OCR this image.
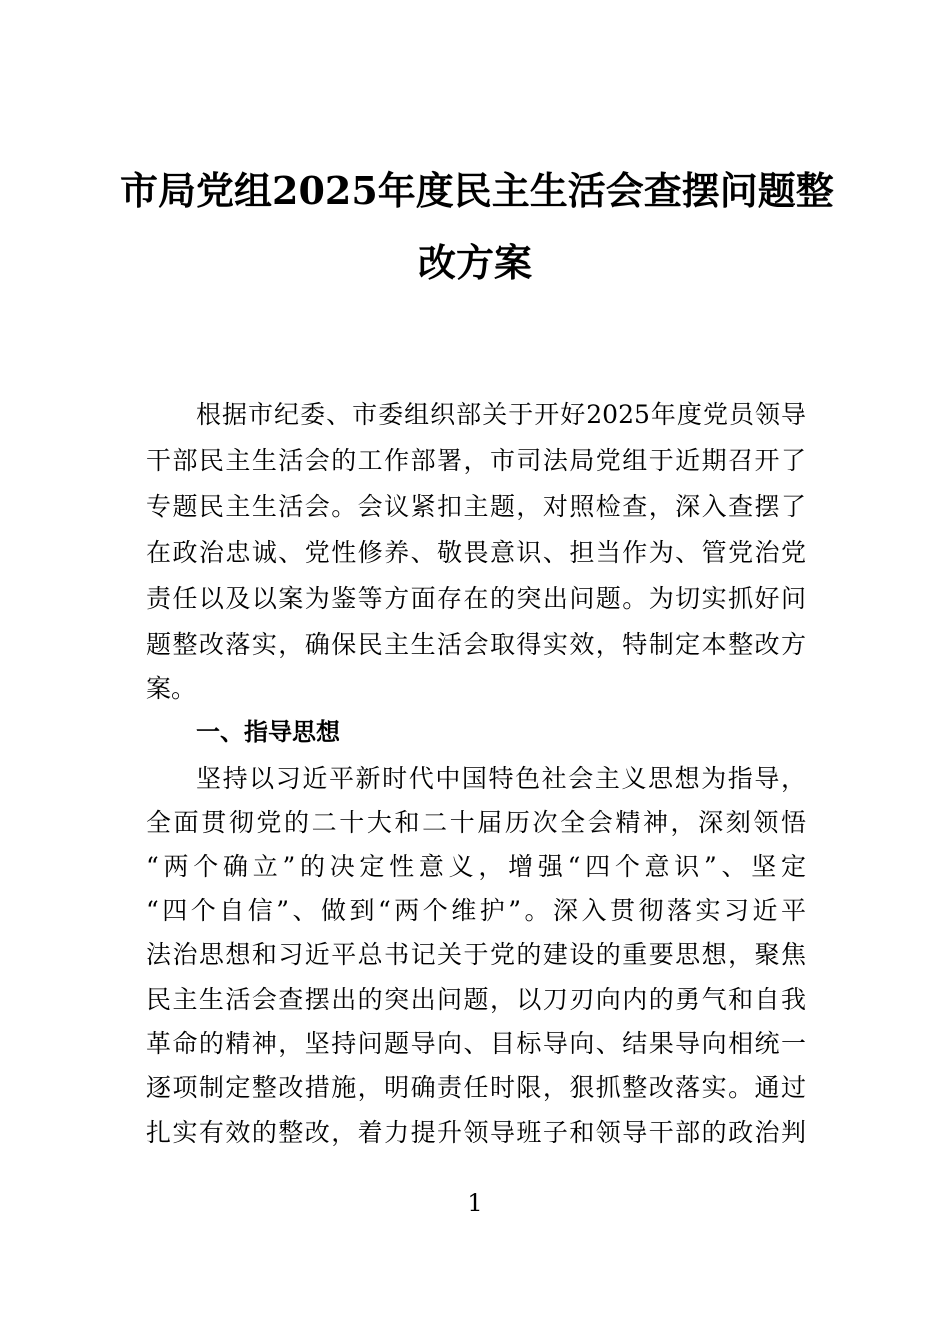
市局党组2025年度民主生活会查摆问题整
改方案
根据市纪委、市委组织部关于开好2025年度党员领导
干部民主生活会的工作部署，市司法局党组于近期召开了
专题民主生活会。会议紧扣主题，对照检查，深入查摆了
在政治忠诚、党性修养、敬畏意识、担当作为、管党治党
责任以及以案为鉴等方面存在的突出问题。为切实抓好问
题整改落实，确保民主生活会取得实效，特制定本整改方
案。
一、指导思想
坚持以习近平新时代中国特色社会主义思想为指导，
全面贯彻党的二十大和二十届历次全会精神，深刻领悟
“两个确立”的决定性意义，增强“四个意识”、坚定
“四个自信”、做到“两个维护”。深入贯彻落实习近平
法治思想和习近平总书记关于党的建设的重要思想，聚焦
民主生活会查摆出的突出问题，以刀刃向内的勇气和自我
革命的精神，坚持问题导向、目标导向、结果导向相统一
逐项制定整改措施，明确责任时限，狠抓整改落实。通过
扎实有效的整改，着力提升领导班子和领导干部的政治判
1
